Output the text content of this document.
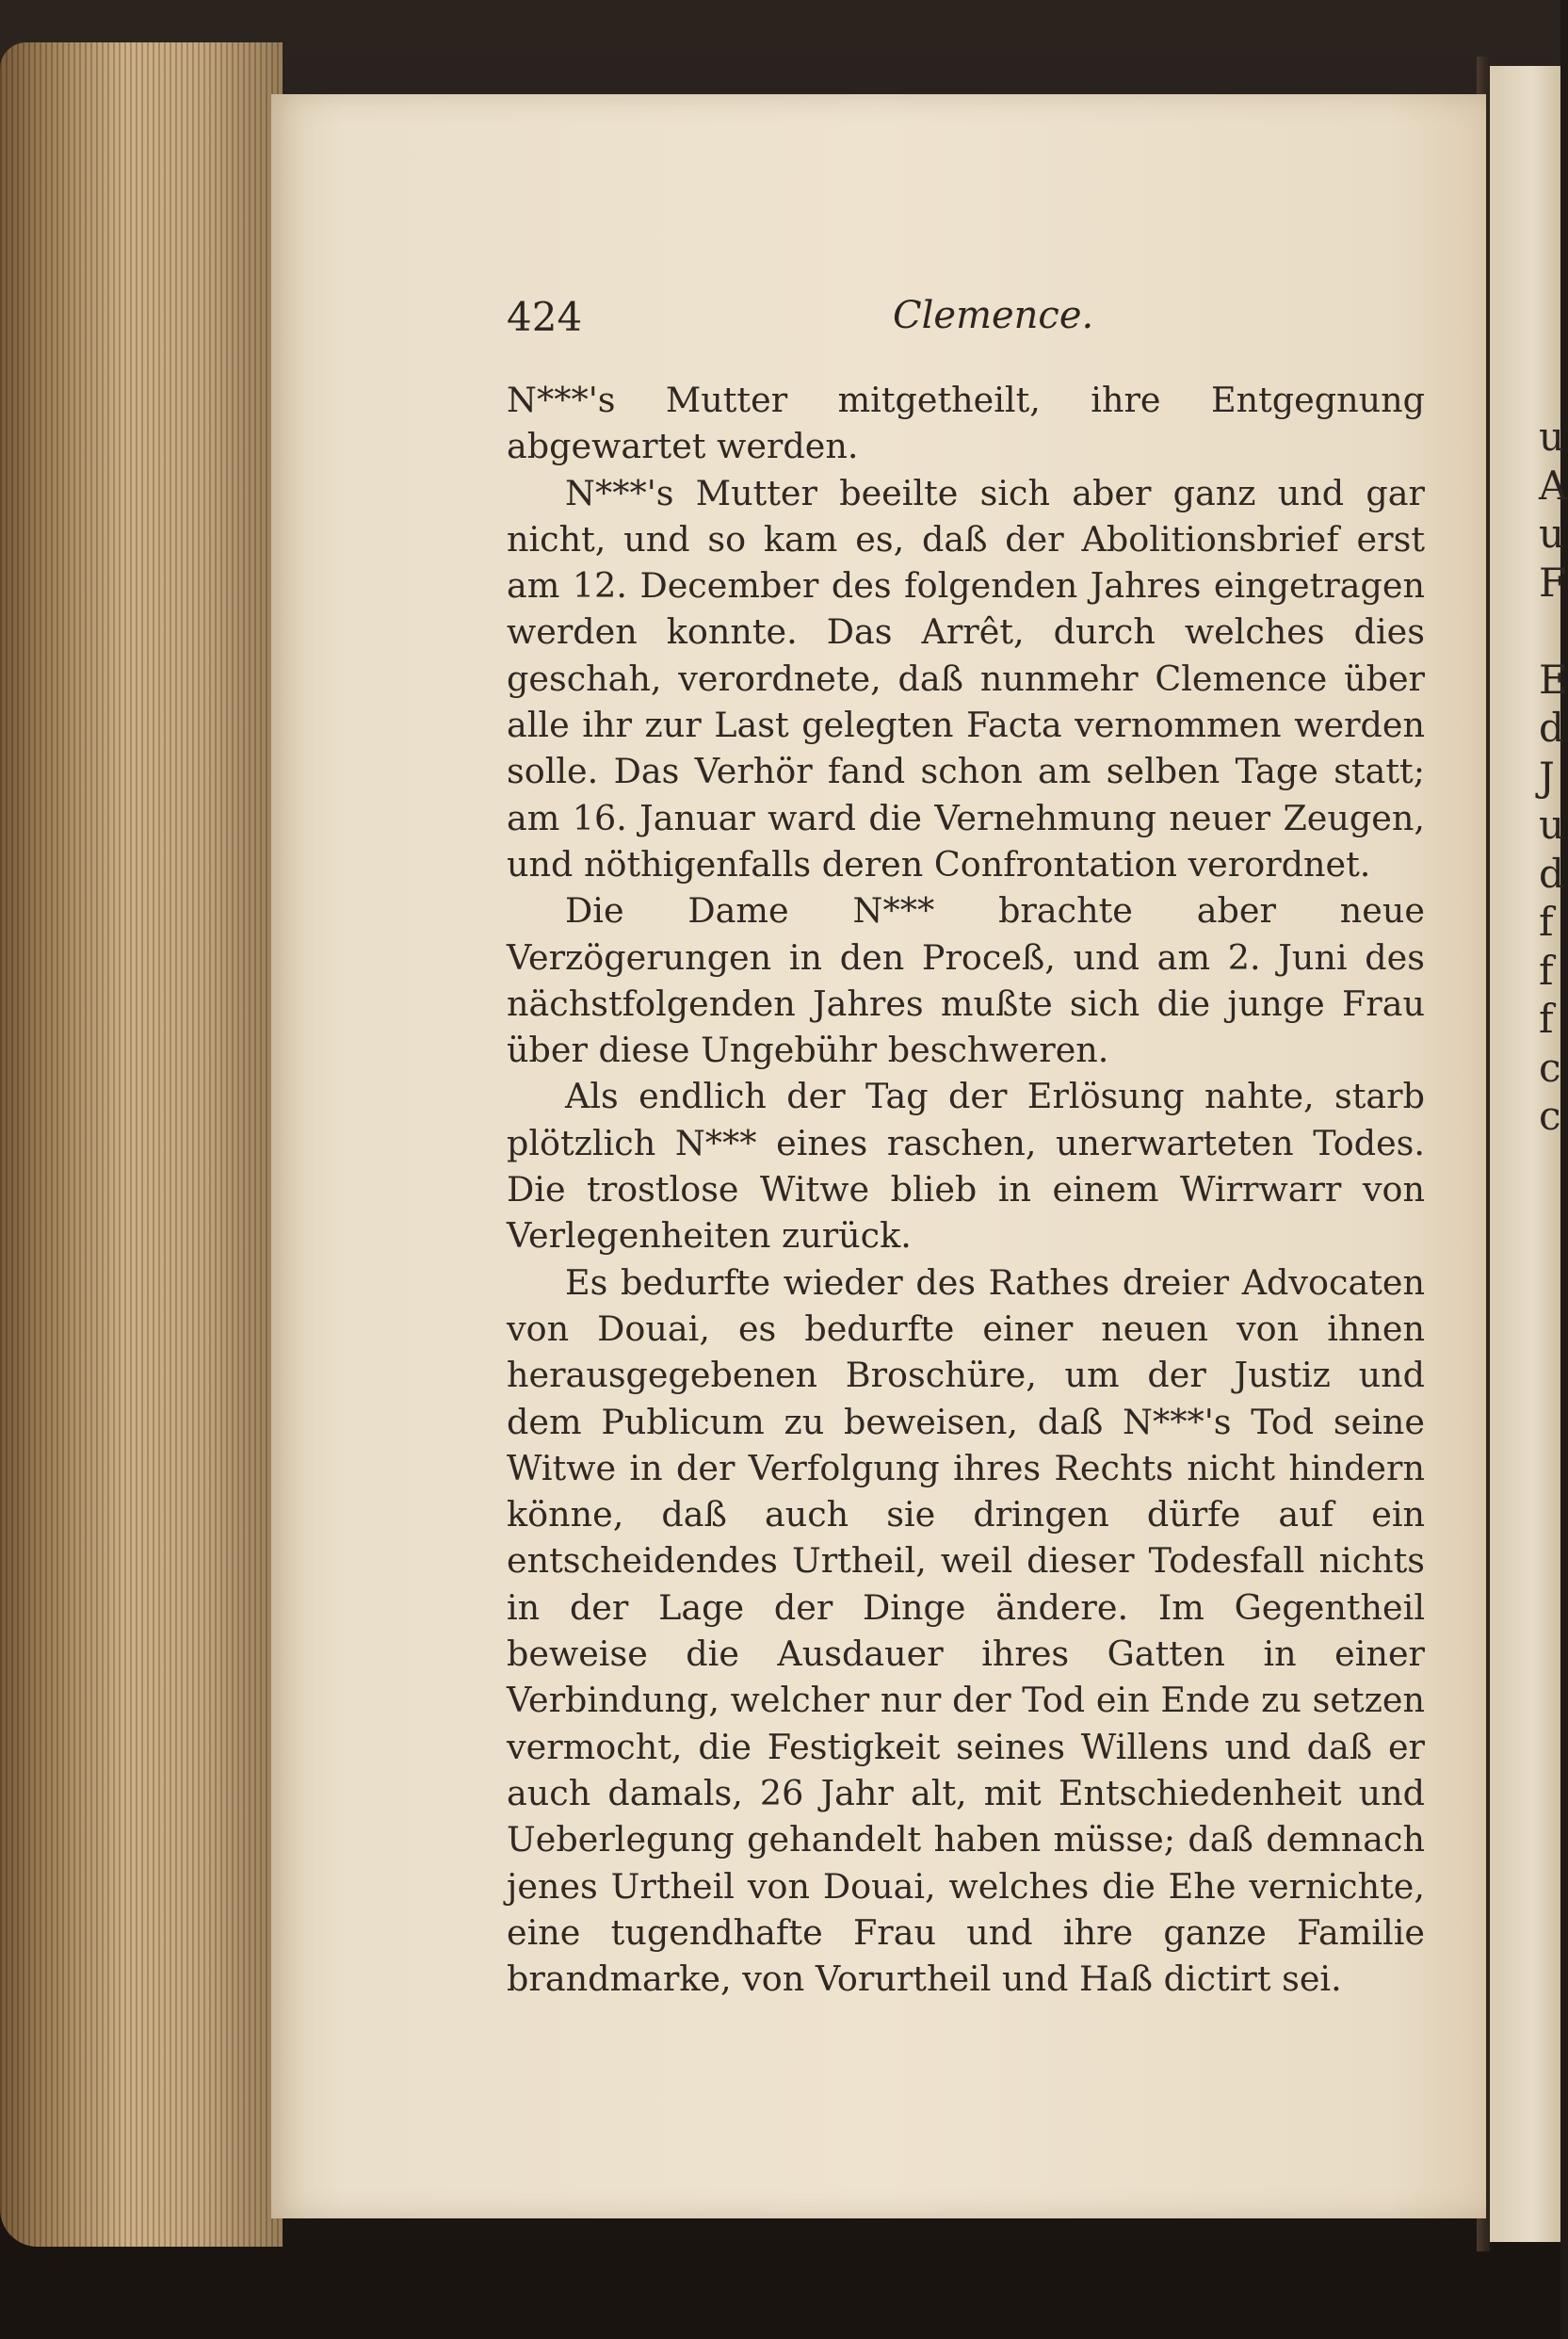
u
A
u
F

E
d
J
u
d
f
f
f
c
c
424	Clemence.

N***'s Mutter mitgetheilt, ihre Entgegnung abgewartet werden.

N***'s Mutter beeilte sich aber ganz und gar nicht, und so kam es, daß der Abolitionsbrief erst am 12. December des folgenden Jahres eingetragen werden konnte. Das Arrêt, durch welches dies geschah, verordnete, daß nunmehr Clemence über alle ihr zur Last gelegten Facta vernommen werden solle. Das Verhör fand schon am selben Tage statt; am 16. Januar ward die Vernehmung neuer Zeugen, und nöthigenfalls deren Confrontation verordnet.

Die Dame N*** brachte aber neue Verzögerungen in den Proceß, und am 2. Juni des nächstfolgenden Jahres mußte sich die junge Frau über diese Ungebühr beschweren.

Als endlich der Tag der Erlösung nahte, starb plötzlich N*** eines raschen, unerwarteten Todes. Die trostlose Witwe blieb in einem Wirrwarr von Verlegenheiten zurück.

Es bedurfte wieder des Rathes dreier Advocaten von Douai, es bedurfte einer neuen von ihnen herausgegebenen Broschüre, um der Justiz und dem Publicum zu beweisen, daß N***'s Tod seine Witwe in der Verfolgung ihres Rechts nicht hindern könne, daß auch sie dringen dürfe auf ein entscheidendes Urtheil, weil dieser Todesfall nichts in der Lage der Dinge ändere. Im Gegentheil beweise die Ausdauer ihres Gatten in einer Verbindung, welcher nur der Tod ein Ende zu setzen vermocht, die Festigkeit seines Willens und daß er auch damals, 26 Jahr alt, mit Entschiedenheit und Ueberlegung gehandelt haben müsse; daß demnach jenes Urtheil von Douai, welches die Ehe vernichte, eine tugendhafte Frau und ihre ganze Familie brandmarke, von Vorurtheil und Haß dictirt sei.
